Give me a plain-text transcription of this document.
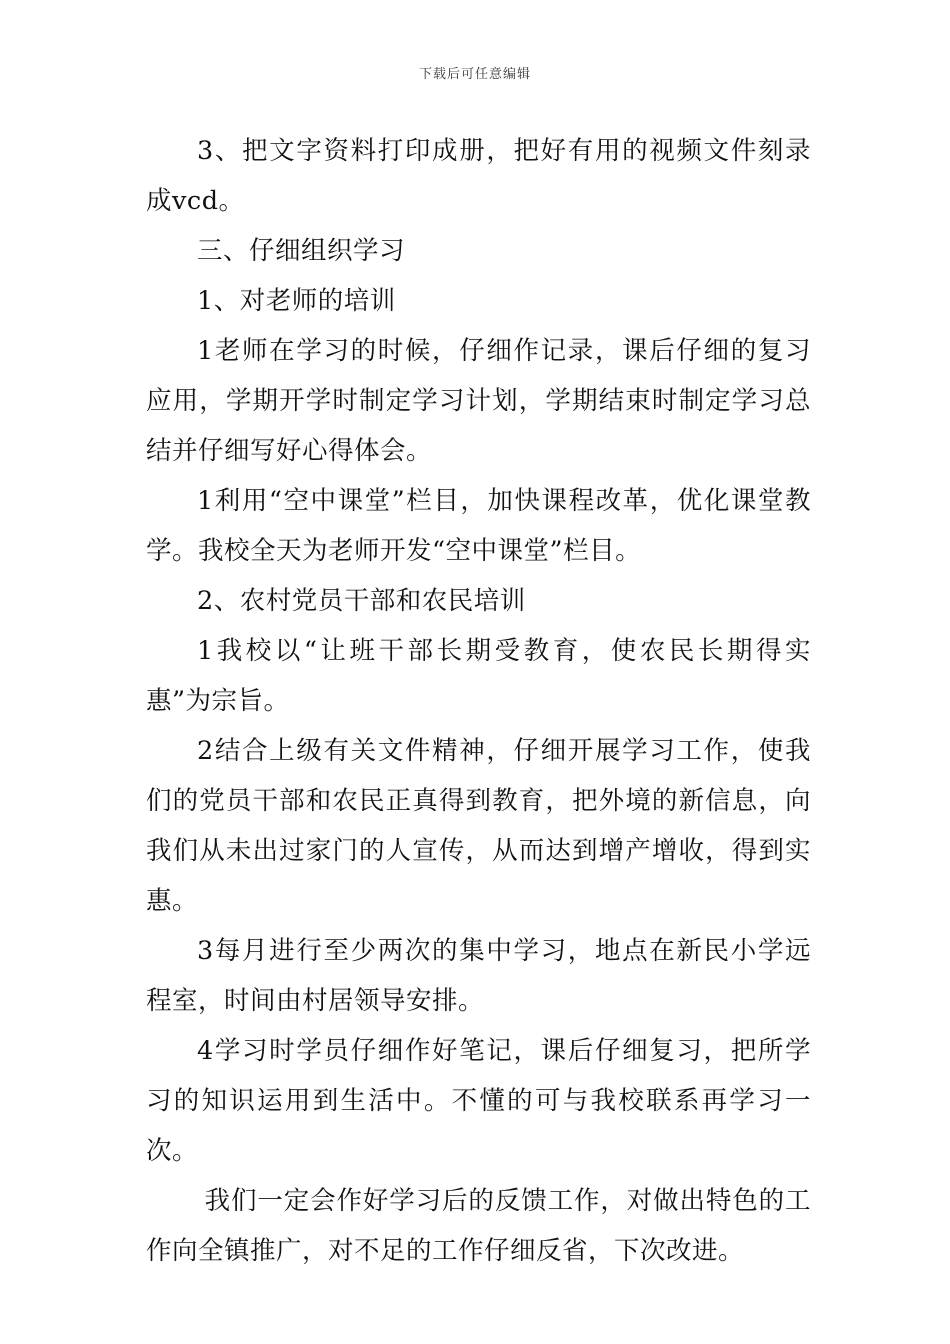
下载后可任意编辑

3、把文字资料打印成册，把好有用的视频文件刻录成vcd。

三、仔细组织学习

1、对老师的培训

1老师在学习的时候，仔细作记录，课后仔细的复习应用，学期开学时制定学习计划，学期结束时制定学习总结并仔细写好心得体会。

1利用“空中课堂”栏目，加快课程改革，优化课堂教学。我校全天为老师开发“空中课堂”栏目。

2、农村党员干部和农民培训

1我校以“让班干部长期受教育，使农民长期得实惠”为宗旨。

2结合上级有关文件精神，仔细开展学习工作，使我们的党员干部和农民正真得到教育，把外境的新信息，向我们从未出过家门的人宣传，从而达到增产增收，得到实惠。

3每月进行至少两次的集中学习，地点在新民小学远程室，时间由村居领导安排。

4学习时学员仔细作好笔记，课后仔细复习，把所学习的知识运用到生活中。不懂的可与我校联系再学习一次。

我们一定会作好学习后的反馈工作，对做出特色的工作向全镇推广，对不足的工作仔细反省，下次改进。
